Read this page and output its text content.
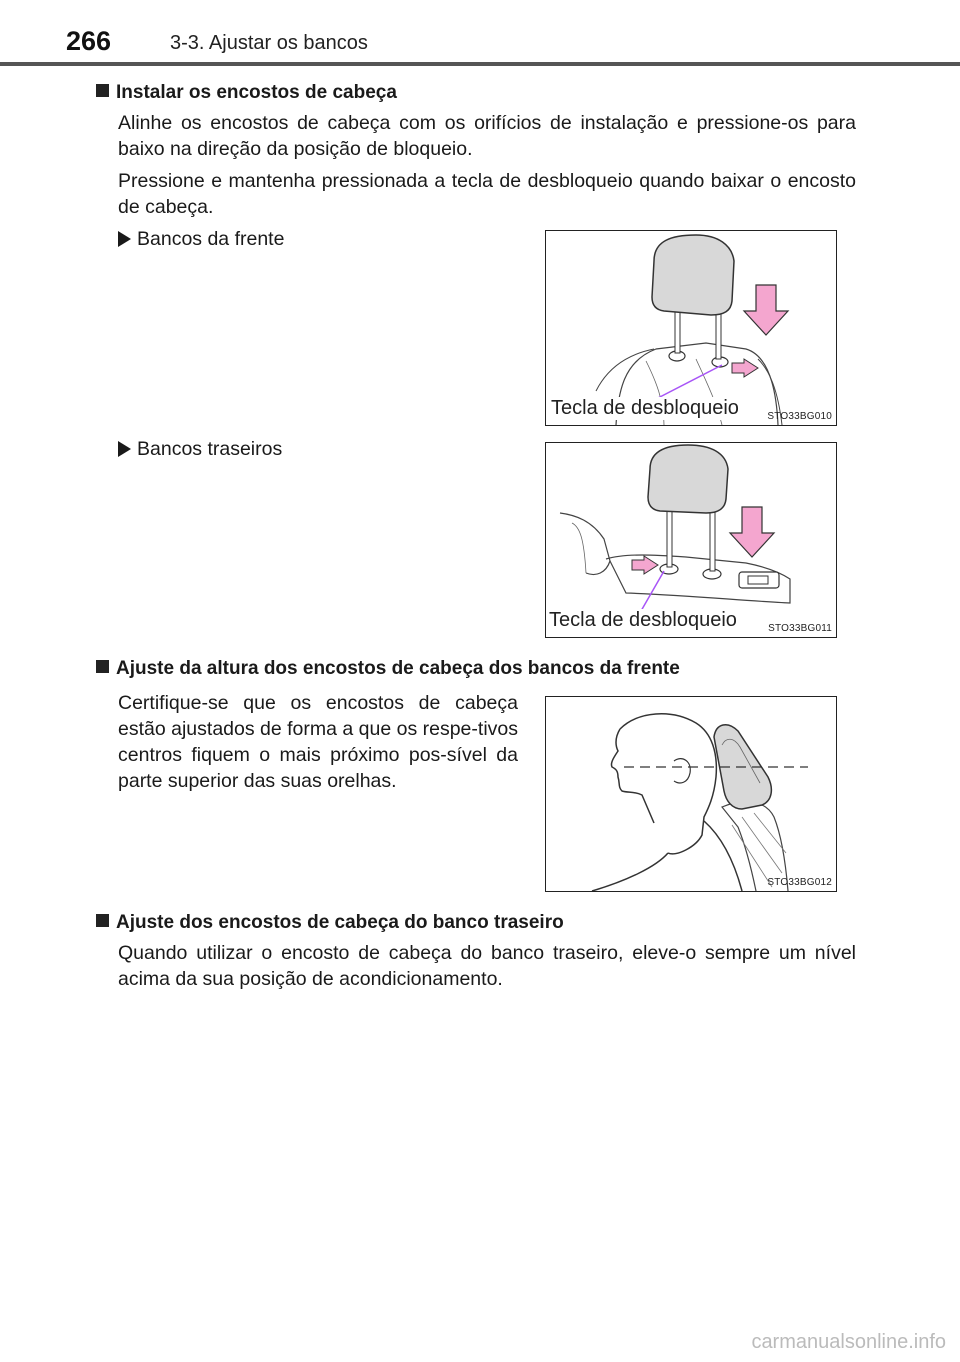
266	3-3. Ajustar os bancos
Instalar os encostos de cabeça
Alinhe os encostos de cabeça com os orifícios de instalação e pressione-os para baixo na direção da posição de bloqueio.
Pressione e mantenha pressionada a tecla de desbloqueio quando baixar o encosto de cabeça.
Bancos da frente
Tecla de desbloqueio	STO33BG010
Bancos traseiros
Tecla de desbloqueio	STO33BG011
Ajuste da altura dos encostos de cabeça dos bancos da frente
Certifique-se que os encostos de cabeça estão ajustados de forma a que os respe-tivos centros fiquem o mais próximo pos-sível da parte superior das suas orelhas.
STO33BG012
Ajuste dos encostos de cabeça do banco traseiro
Quando utilizar o encosto de cabeça do banco traseiro, eleve-o sempre um nível acima da sua posição de acondicionamento.
carmanualsonline.info
